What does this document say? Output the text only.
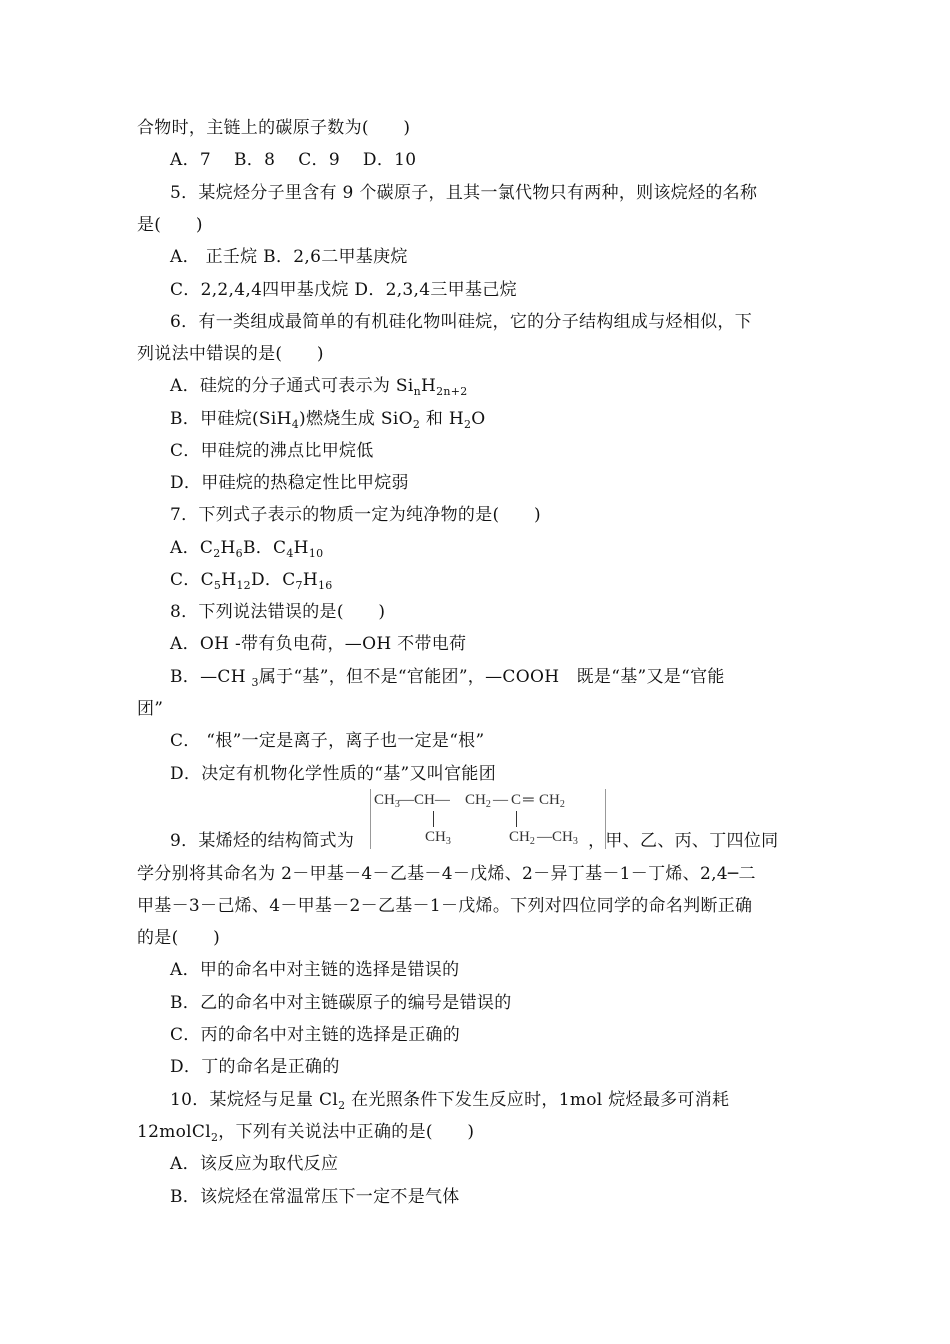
合物时，主链上的碳原子数为(　　)

A．7　 B．8　 C．9　 D．10

5．某烷烃分子里含有 9 个碳原子，且其一氯代物只有两种，则该烷烃的名称

是(　　)

A． 正壬烷 B．2,6二甲基庚烷

C．2,2,4,4四甲基戊烷 D．2,3,4三甲基己烷

6．有一类组成最简单的有机硅化物叫硅烷，它的分子结构组成与烃相似，下

列说法中错误的是(　　)

A．硅烷的分子通式可表示为 $Si_nH_{2n+2}$

B．甲硅烷(SiH$_4$)燃烧生成 SiO$_2$ 和 $H_2O$

C．甲硅烷的沸点比甲烷低

D．甲硅烷的热稳定性比甲烷弱

7．下列式子表示的物质一定为纯净物的是(　　)

A．$C_2H_6B$．$C_4H_{10}$

C．$C_5H_{12}D$．$C_7H_{16}$

8．下列说法错误的是(　　)

A．OH -带有负电荷，—OH 不带电荷

B．—CH $_3$属于“基”，但不是“官能团”，—COOH　既是“基”又是“官能

团”

C． “根”一定是离子，离子也一定是“根”

D．决定有机物化学性质的“基”又叫官能团

$CH_3$ —CH— $CH_2$ — C ═ $CH_2$
$CH_3$	$CH_2$ $—CH_3$

9．某烯烃的结构简式为	，甲、乙、丙、丁四位同

学分别将其命名为 2－甲基－4－乙基－4－戊烯、2－异丁基－1－丁烯、2,4─二

甲基－3－己烯、4－甲基－2－乙基－1－戊烯。下列对四位同学的命名判断正确

的是(　　)

A．甲的命名中对主链的选择是错误的

B．乙的命名中对主链碳原子的编号是错误的

C．丙的命名中对主链的选择是正确的

D．丁的命名是正确的

10．某烷烃与足量 $Cl_2$ 在光照条件下发生反应时，1mol 烷烃最多可消耗

12molCl$_2$，下列有关说法中正确的是(　　)

A．该反应为取代反应

B．该烷烃在常温常压下一定不是气体
